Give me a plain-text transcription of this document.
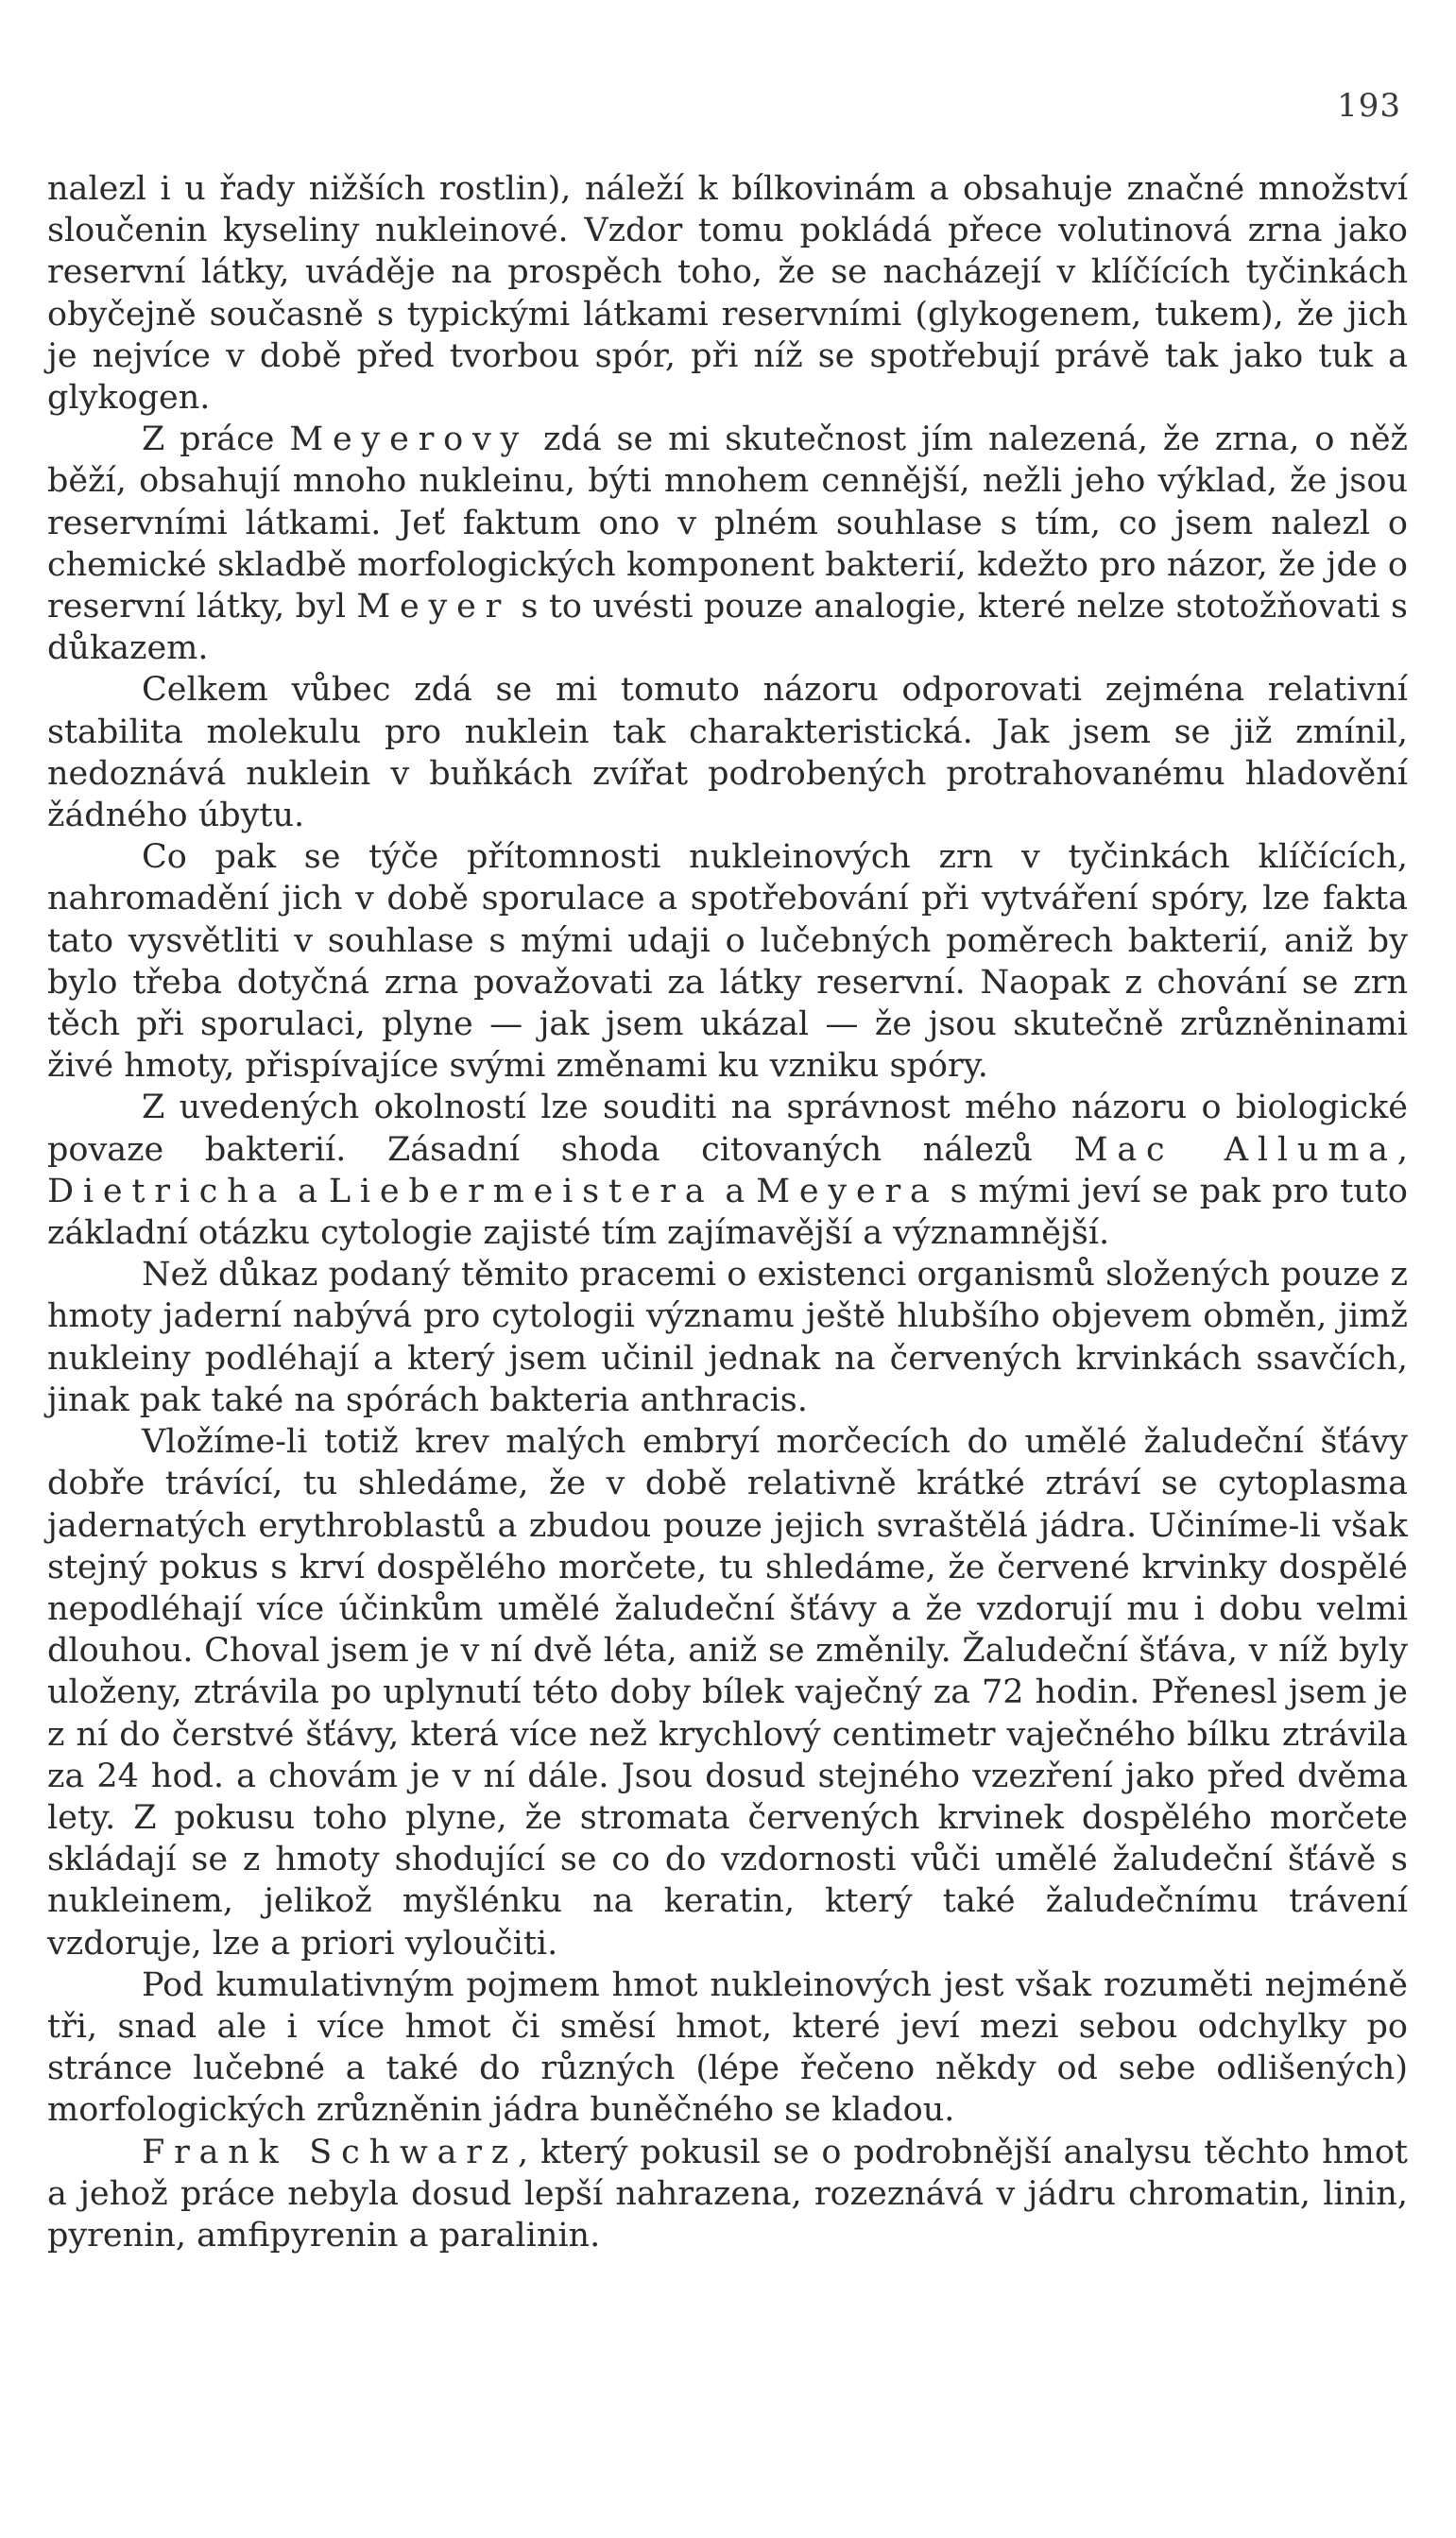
193

nalezl i u řady nižších rostlin), náleží k bílkovinám a obsahuje značné množství sloučenin kyseliny nukleinové. Vzdor tomu pokládá přece volutinová zrna jako reservní látky, uváděje na prospěch toho, že se nacházejí v klíčících tyčinkách obyčejně současně s typickými látkami reservními (glykogenem, tukem), že jich je nejvíce v době před tvorbou spór, při níž se spotřebují právě tak jako tuk a glykogen.

Z práce Meyerovy zdá se mi skutečnost jím nalezená, že zrna, o něž běží, obsahují mnoho nukleinu, býti mnohem cennější, nežli jeho výklad, že jsou reservními látkami. Jeť faktum ono v plném souhlase s tím, co jsem nalezl o chemické skladbě morfologických komponent bakterií, kdežto pro názor, že jde o reservní látky, byl Meyer s to uvésti pouze analogie, které nelze stotožňovati s důkazem.

Celkem vůbec zdá se mi tomuto názoru odporovati zejména relativní stabilita molekulu pro nuklein tak charakteristická. Jak jsem se již zmínil, nedoznává nuklein v buňkách zvířat podrobených protrahovanému hladovění žádného úbytu.

Co pak se týče přítomnosti nukleinových zrn v tyčinkách klíčících, nahromadění jich v době sporulace a spotřebování při vytváření spóry, lze fakta tato vysvětliti v souhlase s mými udaji o lučebných poměrech bakterií, aniž by bylo třeba dotyčná zrna považovati za látky reservní. Naopak z chování se zrn těch při sporulaci, plyne — jak jsem ukázal — že jsou skutečně zrůzněninami živé hmoty, přispívajíce svými změnami ku vzniku spóry.

Z uvedených okolností lze souditi na správnost mého názoru o biologické povaze bakterií. Zásadní shoda citovaných nálezů Mac Alluma, Dietricha a Liebermeistera a Meyera s mými jeví se pak pro tuto základní otázku cytologie zajisté tím zajímavější a významnější.

Než důkaz podaný těmito pracemi o existenci organismů složených pouze z hmoty jaderní nabývá pro cytologii významu ještě hlubšího objevem obměn, jimž nukleiny podléhají a který jsem učinil jednak na červených krvinkách ssavčích, jinak pak také na spórách bakteria anthracis.

Vložíme-li totiž krev malých embryí morčecích do umělé žaludeční šťávy dobře trávící, tu shledáme, že v době relativně krátké ztráví se cytoplasma jadernatých erythroblastů a zbudou pouze jejich svraštělá jádra. Učiníme-li však stejný pokus s krví dospělého morčete, tu shledáme, že červené krvinky dospělé nepodléhají více účinkům umělé žaludeční šťávy a že vzdorují mu i dobu velmi dlouhou. Choval jsem je v ní dvě léta, aniž se změnily. Žaludeční šťáva, v níž byly uloženy, ztrávila po uplynutí této doby bílek vaječný za 72 hodin. Přenesl jsem je z ní do čerstvé šťávy, která více než krychlový centimetr vaječného bílku ztrávila za 24 hod. a chovám je v ní dále. Jsou dosud stejného vzezření jako před dvěma lety. Z pokusu toho plyne, že stromata červených krvinek dospělého morčete skládají se z hmoty shodující se co do vzdornosti vůči umělé žaludeční šťávě s nukleinem, jelikož myšlénku na keratin, který také žaludečnímu trávení vzdoruje, lze a priori vyloučiti.

Pod kumulativným pojmem hmot nukleinových jest však rozuměti nejméně tři, snad ale i více hmot či směsí hmot, které jeví mezi sebou odchylky po stránce lučebné a také do různých (lépe řečeno někdy od sebe odlišených) morfologických zrůzněnin jádra buněčného se kladou.

Frank Schwarz, který pokusil se o podrobnější analysu těchto hmot a jehož práce nebyla dosud lepší nahrazena, rozeznává v jádru chromatin, linin, pyrenin, amfipyrenin a paralinin.
